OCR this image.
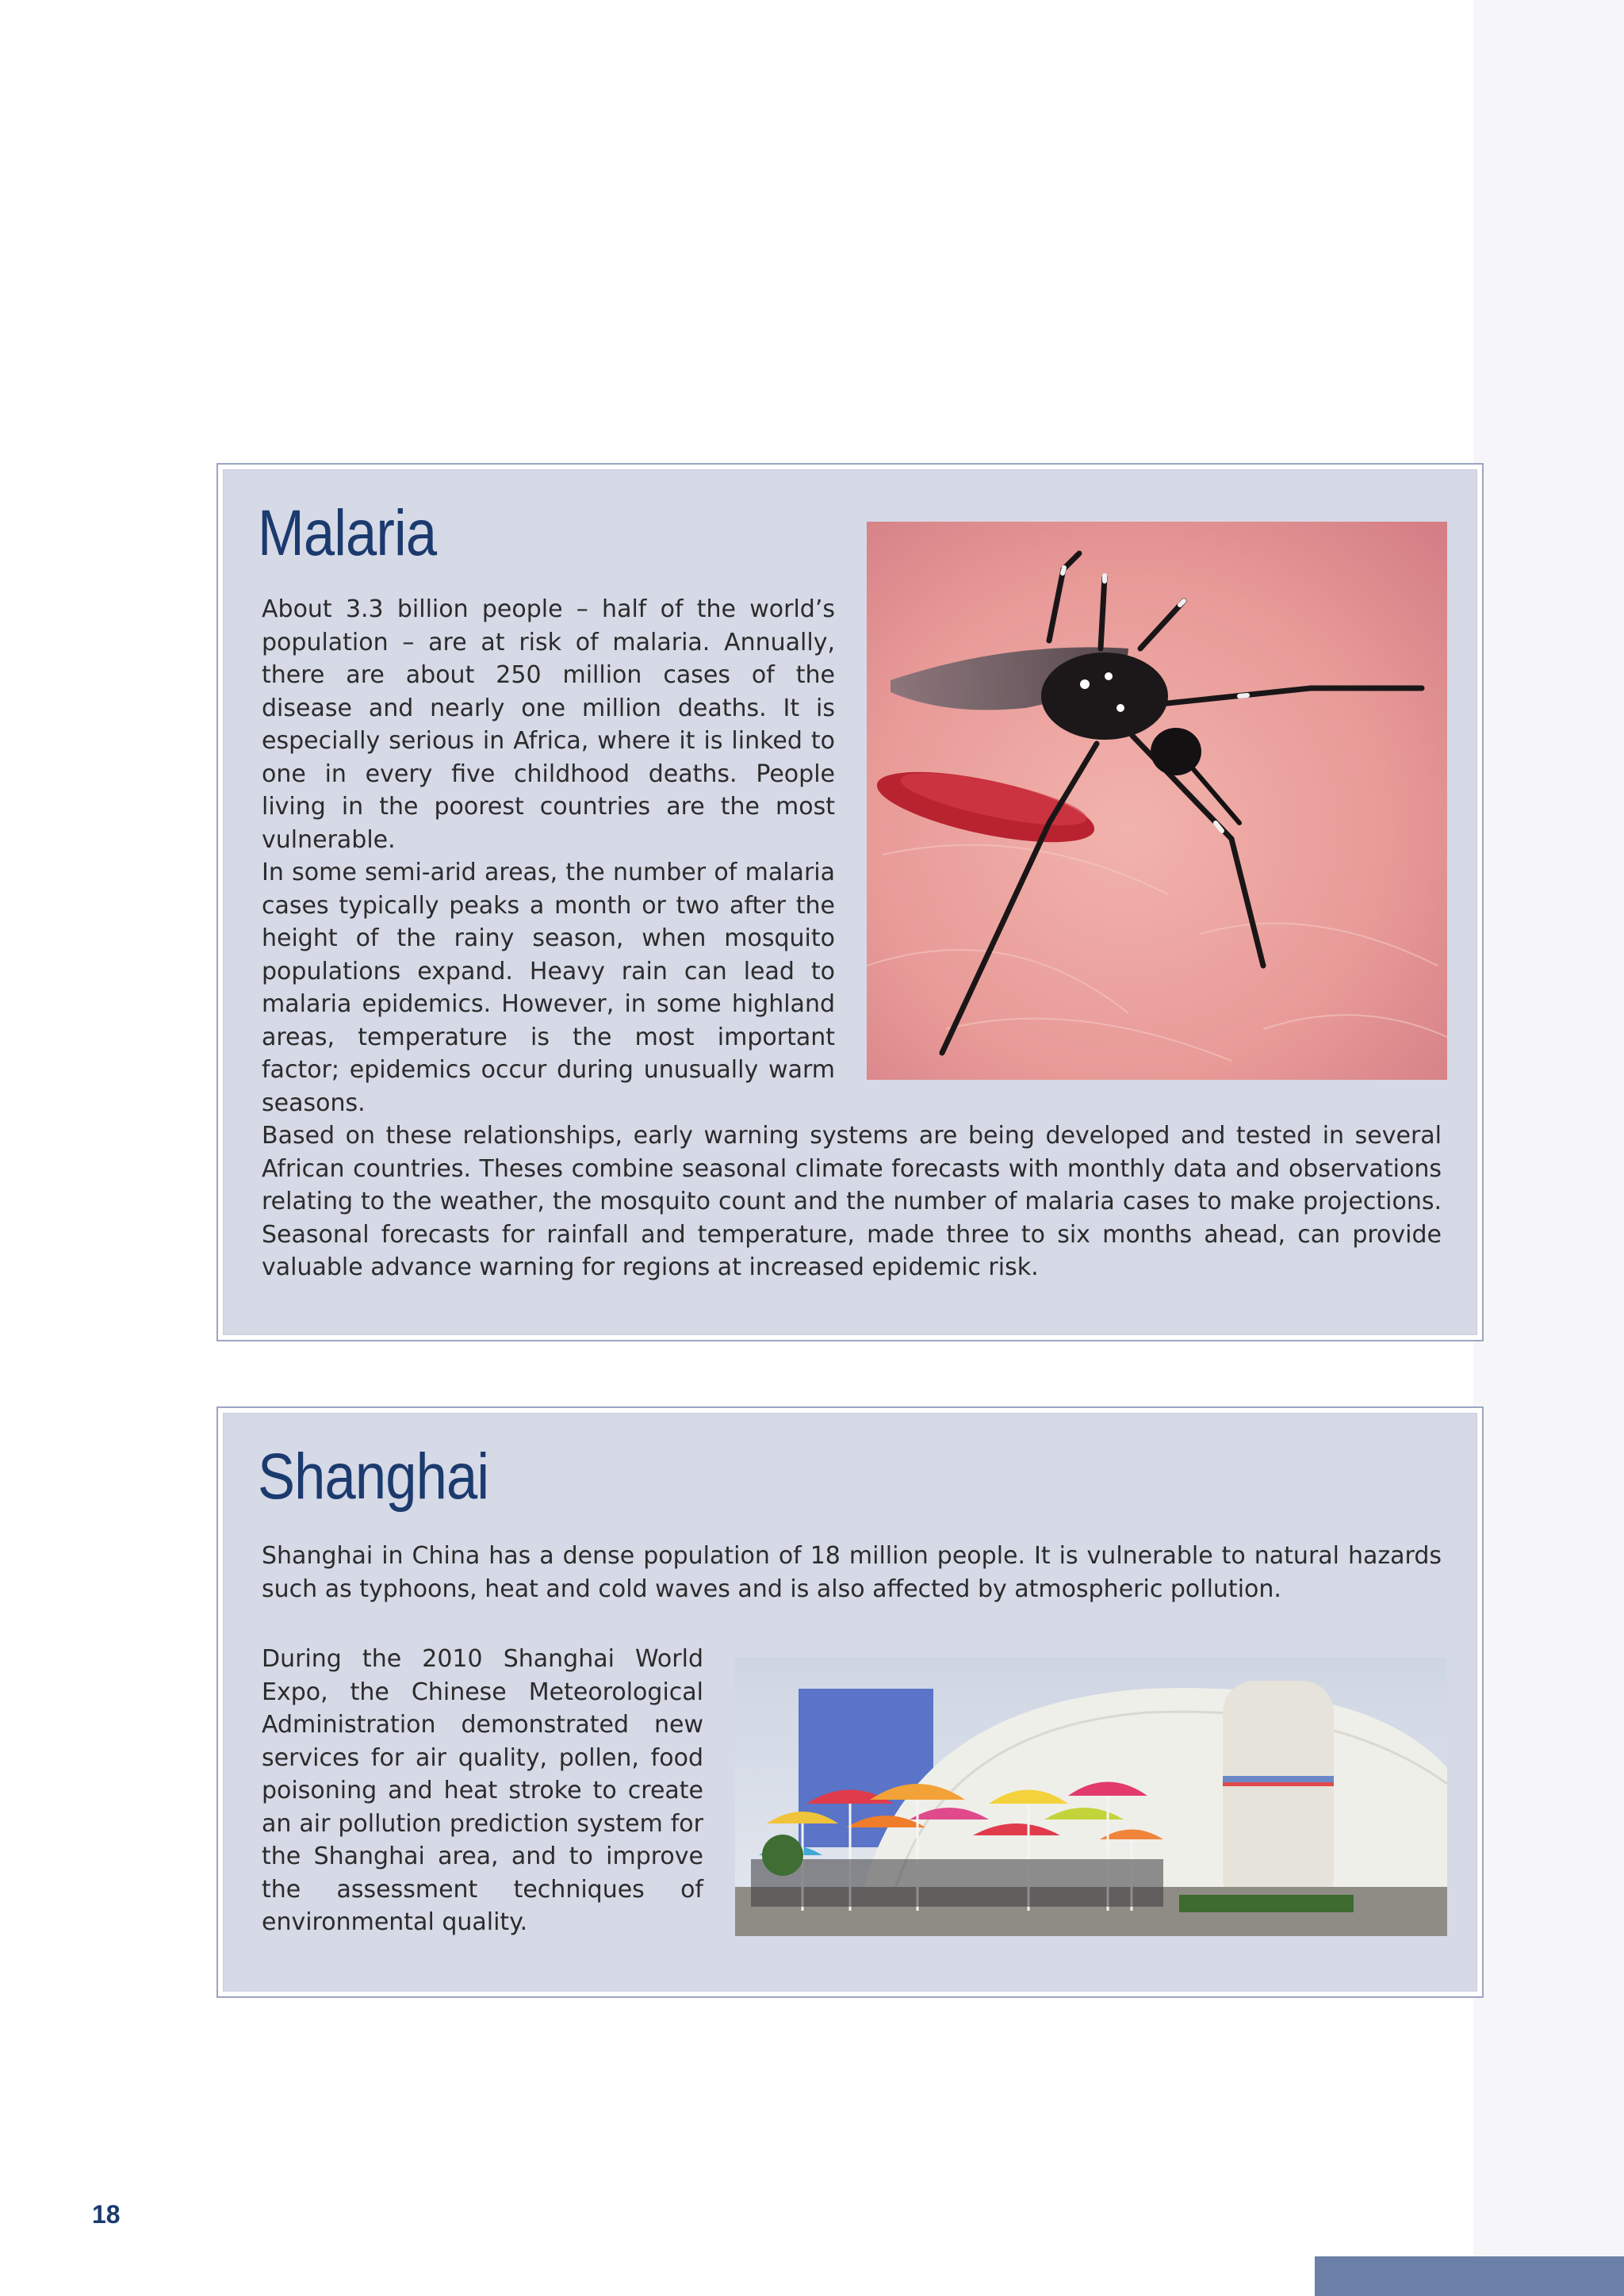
Malaria

About 3.3 billion people – half of the world’s population – are at risk of malaria. Annually, there are about 250 million cases of the disease and nearly one million deaths. It is especially serious in Africa, where it is linked to one in every five childhood deaths. People living in the poorest countries are the most vulnerable.

In some semi-arid areas, the number of malaria cases typically peaks a month or two after the height of the rainy season, when mosquito populations expand. Heavy rain can lead to malaria epidemics. However, in some highland areas, temperature is the most important factor; epidemics occur during unusually warm seasons.

Based on these relationships, early warning systems are being developed and tested in several African countries. Theses combine seasonal climate forecasts with monthly data and observations relating to the weather, the mosquito count and the number of malaria cases to make projections. Seasonal forecasts for rainfall and temperature, made three to six months ahead, can provide valuable advance warning for regions at increased epidemic risk.

Shanghai

Shanghai in China has a dense population of 18 million people. It is vulnerable to natural hazards such as typhoons, heat and cold waves and is also affected by atmospheric pollution.

During the 2010 Shanghai World Expo, the Chinese Meteorological Administration demonstrated new services for air quality, pollen, food poisoning and heat stroke to create an air pollution prediction system for the Shanghai area, and to improve the assessment techniques of environmental quality.

18
